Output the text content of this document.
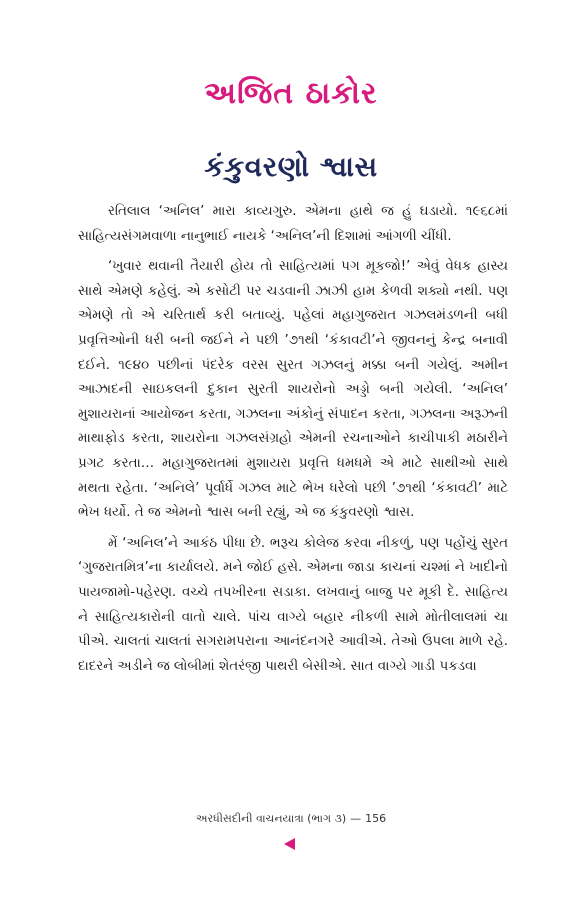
અજિત ઠાકોર
કંકુવરણો શ્વાસ

રતિલાલ ‘અનિલ’ મારા કાવ્યગુરુ. એમના હાથે જ હું ઘડાયો. ૧૯૬૮માં સાહિત્યસંગમવાળા નાનુભાઈ નાયકે ‘અનિલ’ની દિશામાં આંગળી ચીંધી.

‘ખુવાર થવાની તૈયારી હોય તો સાહિત્યમાં પગ મૂકજો!’ એવું વેધક હાસ્ય સાથે એમણે કહેલું. એ કસોટી પર ચડવાની ઝાઝી હામ કેળવી શક્યો નથી. પણ એમણે તો એ ચરિતાર્થ કરી બતાવ્યું. પહેલાં મહાગુજરાત ગઝલમંડળની બધી પ્રવૃત્તિઓની ધરી બની જઈને ને પછી ’૭૧થી ‘કંકાવટી’ને જીવનનું કેન્દ્ર બનાવી દઈને. ૧૯૪૦ પછીનાં પંદરેક વરસ સુરત ગઝલનું મક્કા બની ગયેલું. અમીન આઝાદની સાઇકલની દુકાન સુરતી શાયરોનો અડ્ડો બની ગયેલી. ‘અનિલ’ મુશાયરાનાં આયોજન કરતા, ગઝલના અંકોનું સંપાદન કરતા, ગઝલના અરૂઝની માથાફોડ કરતા, શાયરોના ગઝલસંગ્રહો એમની રચનાઓને કાચીપાકી મઠારીને પ્રગટ કરતા… મહાગુજરાતમાં મુશાયરા પ્રવૃત્તિ ધમધમે એ માટે સાથીઓ સાથે મથતા રહેતા. ‘અનિલે’ પૂર્વાર્ધે ગઝલ માટે ભેખ ધરેલો પછી ’૭૧થી ‘કંકાવટી’ માટે ભેખ ધર્યો. તે જ એમનો શ્વાસ બની રહ્યું, એ જ કંકુવરણો શ્વાસ.

મેં ‘અનિલ’ને આકંઠ પીધા છે. ભરૂચ કોલેજ કરવા નીકળું, પણ પહોંચું સુરત ‘ગુજરાતમિત્ર’ના કાર્યાલયે. મને જોઈ હસે. એમના જાડા કાચનાં ચશ્માં ને ખાદીનો પાયજામો-પહેરણ. વચ્ચે તપખીરના સડાકા. લખવાનું બાજુ પર મૂકી દે. સાહિત્ય ને સાહિત્યકારોની વાતો ચાલે. પાંચ વાગ્યે બહાર નીકળી સામે મોતીલાલમાં ચા પીએ. ચાલતાં ચાલતાં સગરામપરાના આનંદનગરે આવીએ. તેઓ ઉપલા માળે રહે. દાદરને અડીને જ લોબીમાં શેતરંજી પાથરી બેસીએ. સાત વાગ્યે ગાડી પકડવા

અરધીસદીની વાચનયાત્રા (ભાગ ૩) — 156
